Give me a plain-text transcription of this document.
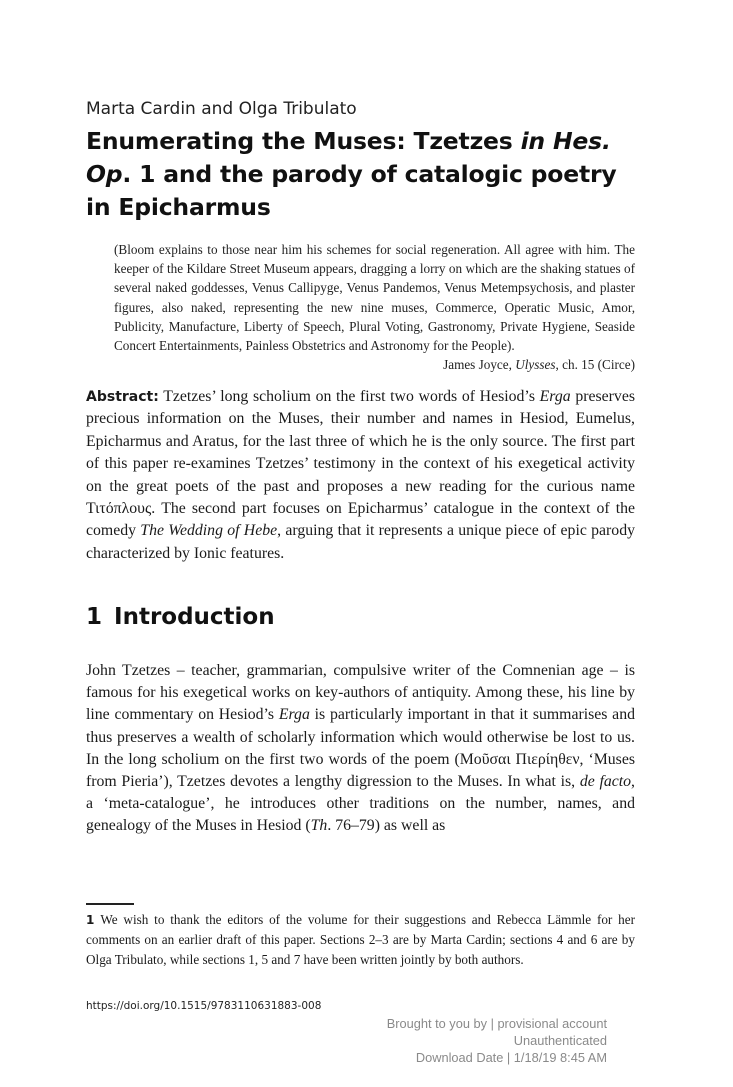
Marta Cardin and Olga Tribulato
Enumerating the Muses: Tzetzes in Hes. Op. 1 and the parody of catalogic poetry in Epicharmus
(Bloom explains to those near him his schemes for social regeneration. All agree with him. The keeper of the Kildare Street Museum appears, dragging a lorry on which are the shaking statues of several naked goddesses, Venus Callipyge, Venus Pandemos, Venus Metempsychosis, and plaster figures, also naked, representing the new nine muses, Commerce, Operatic Music, Amor, Publicity, Manufacture, Liberty of Speech, Plural Voting, Gastronomy, Private Hygiene, Seaside Concert Entertainments, Painless Obstetrics and Astronomy for the People).
James Joyce, Ulysses, ch. 15 (Circe)
Abstract: Tzetzes’ long scholium on the first two words of Hesiod’s Erga preserves precious information on the Muses, their number and names in Hesiod, Eumelus, Epicharmus and Aratus, for the last three of which he is the only source. The first part of this paper re-examines Tzetzes’ testimony in the context of his exegetical activity on the great poets of the past and proposes a new reading for the curious name Τιτόπλους. The second part focuses on Epicharmus’ catalogue in the context of the comedy The Wedding of Hebe, arguing that it represents a unique piece of epic parody characterized by Ionic features.
1 Introduction
John Tzetzes – teacher, grammarian, compulsive writer of the Comnenian age – is famous for his exegetical works on key-authors of antiquity. Among these, his line by line commentary on Hesiod’s Erga is particularly important in that it summarises and thus preserves a wealth of scholarly information which would otherwise be lost to us. In the long scholium on the first two words of the poem (Μοῦσαι Πιερίηθεν, ‘Muses from Pieria’), Tzetzes devotes a lengthy digression to the Muses. In what is, de facto, a ‘meta-catalogue’, he introduces other traditions on the number, names, and genealogy of the Muses in Hesiod (Th. 76–79) as well as
1 We wish to thank the editors of the volume for their suggestions and Rebecca Lämmle for her comments on an earlier draft of this paper. Sections 2–3 are by Marta Cardin; sections 4 and 6 are by Olga Tribulato, while sections 1, 5 and 7 have been written jointly by both authors.
https://doi.org/10.1515/9783110631883-008
Brought to you by | provisional account
Unauthenticated
Download Date | 1/18/19 8:45 AM
